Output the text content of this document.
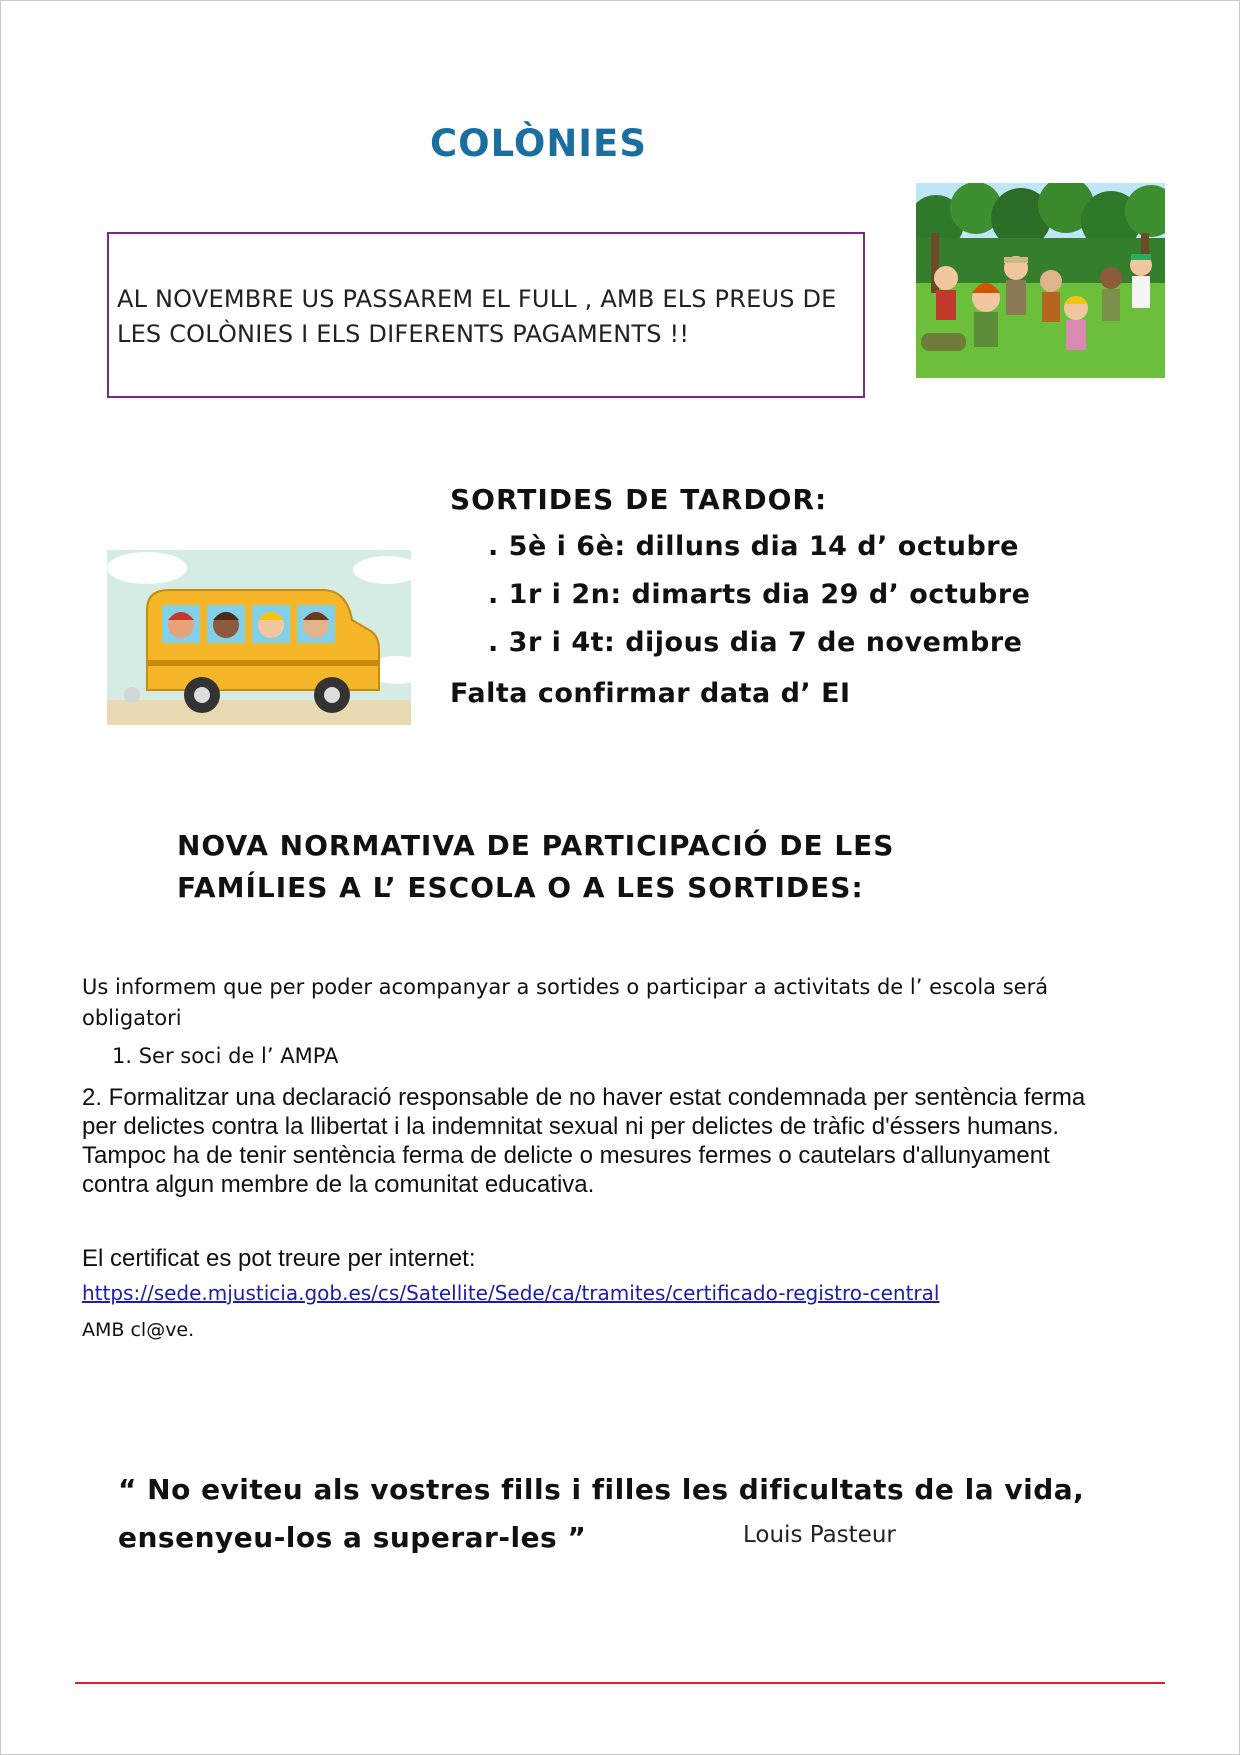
COLÒNIES
AL NOVEMBRE US PASSAREM EL FULL , AMB ELS PREUS DE
LES COLÒNIES I ELS DIFERENTS PAGAMENTS !!
SORTIDES DE TARDOR:
. 5è i 6è: dilluns dia 14 d’ octubre
. 1r i 2n: dimarts dia 29 d’ octubre
. 3r i 4t: dijous dia 7 de novembre
Falta confirmar data d’ EI
NOVA NORMATIVA DE PARTICIPACIÓ DE LES
FAMÍLIES A L’ ESCOLA O A LES SORTIDES:
Us informem que per poder acompanyar a sortides o participar a activitats de l’ escola será obligatori
1. Ser soci de l’ AMPA
2. Formalitzar una declaració responsable de no haver estat condemnada per sentència ferma per delictes contra la llibertat i la indemnitat sexual ni per delictes de tràfic d'éssers humans. Tampoc ha de tenir sentència ferma de delicte o mesures fermes o cautelars d'allunyament contra algun membre de la comunitat educativa.
El certificat es pot treure per internet:
https://sede.mjusticia.gob.es/cs/Satellite/Sede/ca/tramites/certificado-registro-central
AMB cl@ve.
“ No eviteu als vostres fills i filles les dificultats de la vida,
ensenyeu-los a superar-les ”	Louis Pasteur
